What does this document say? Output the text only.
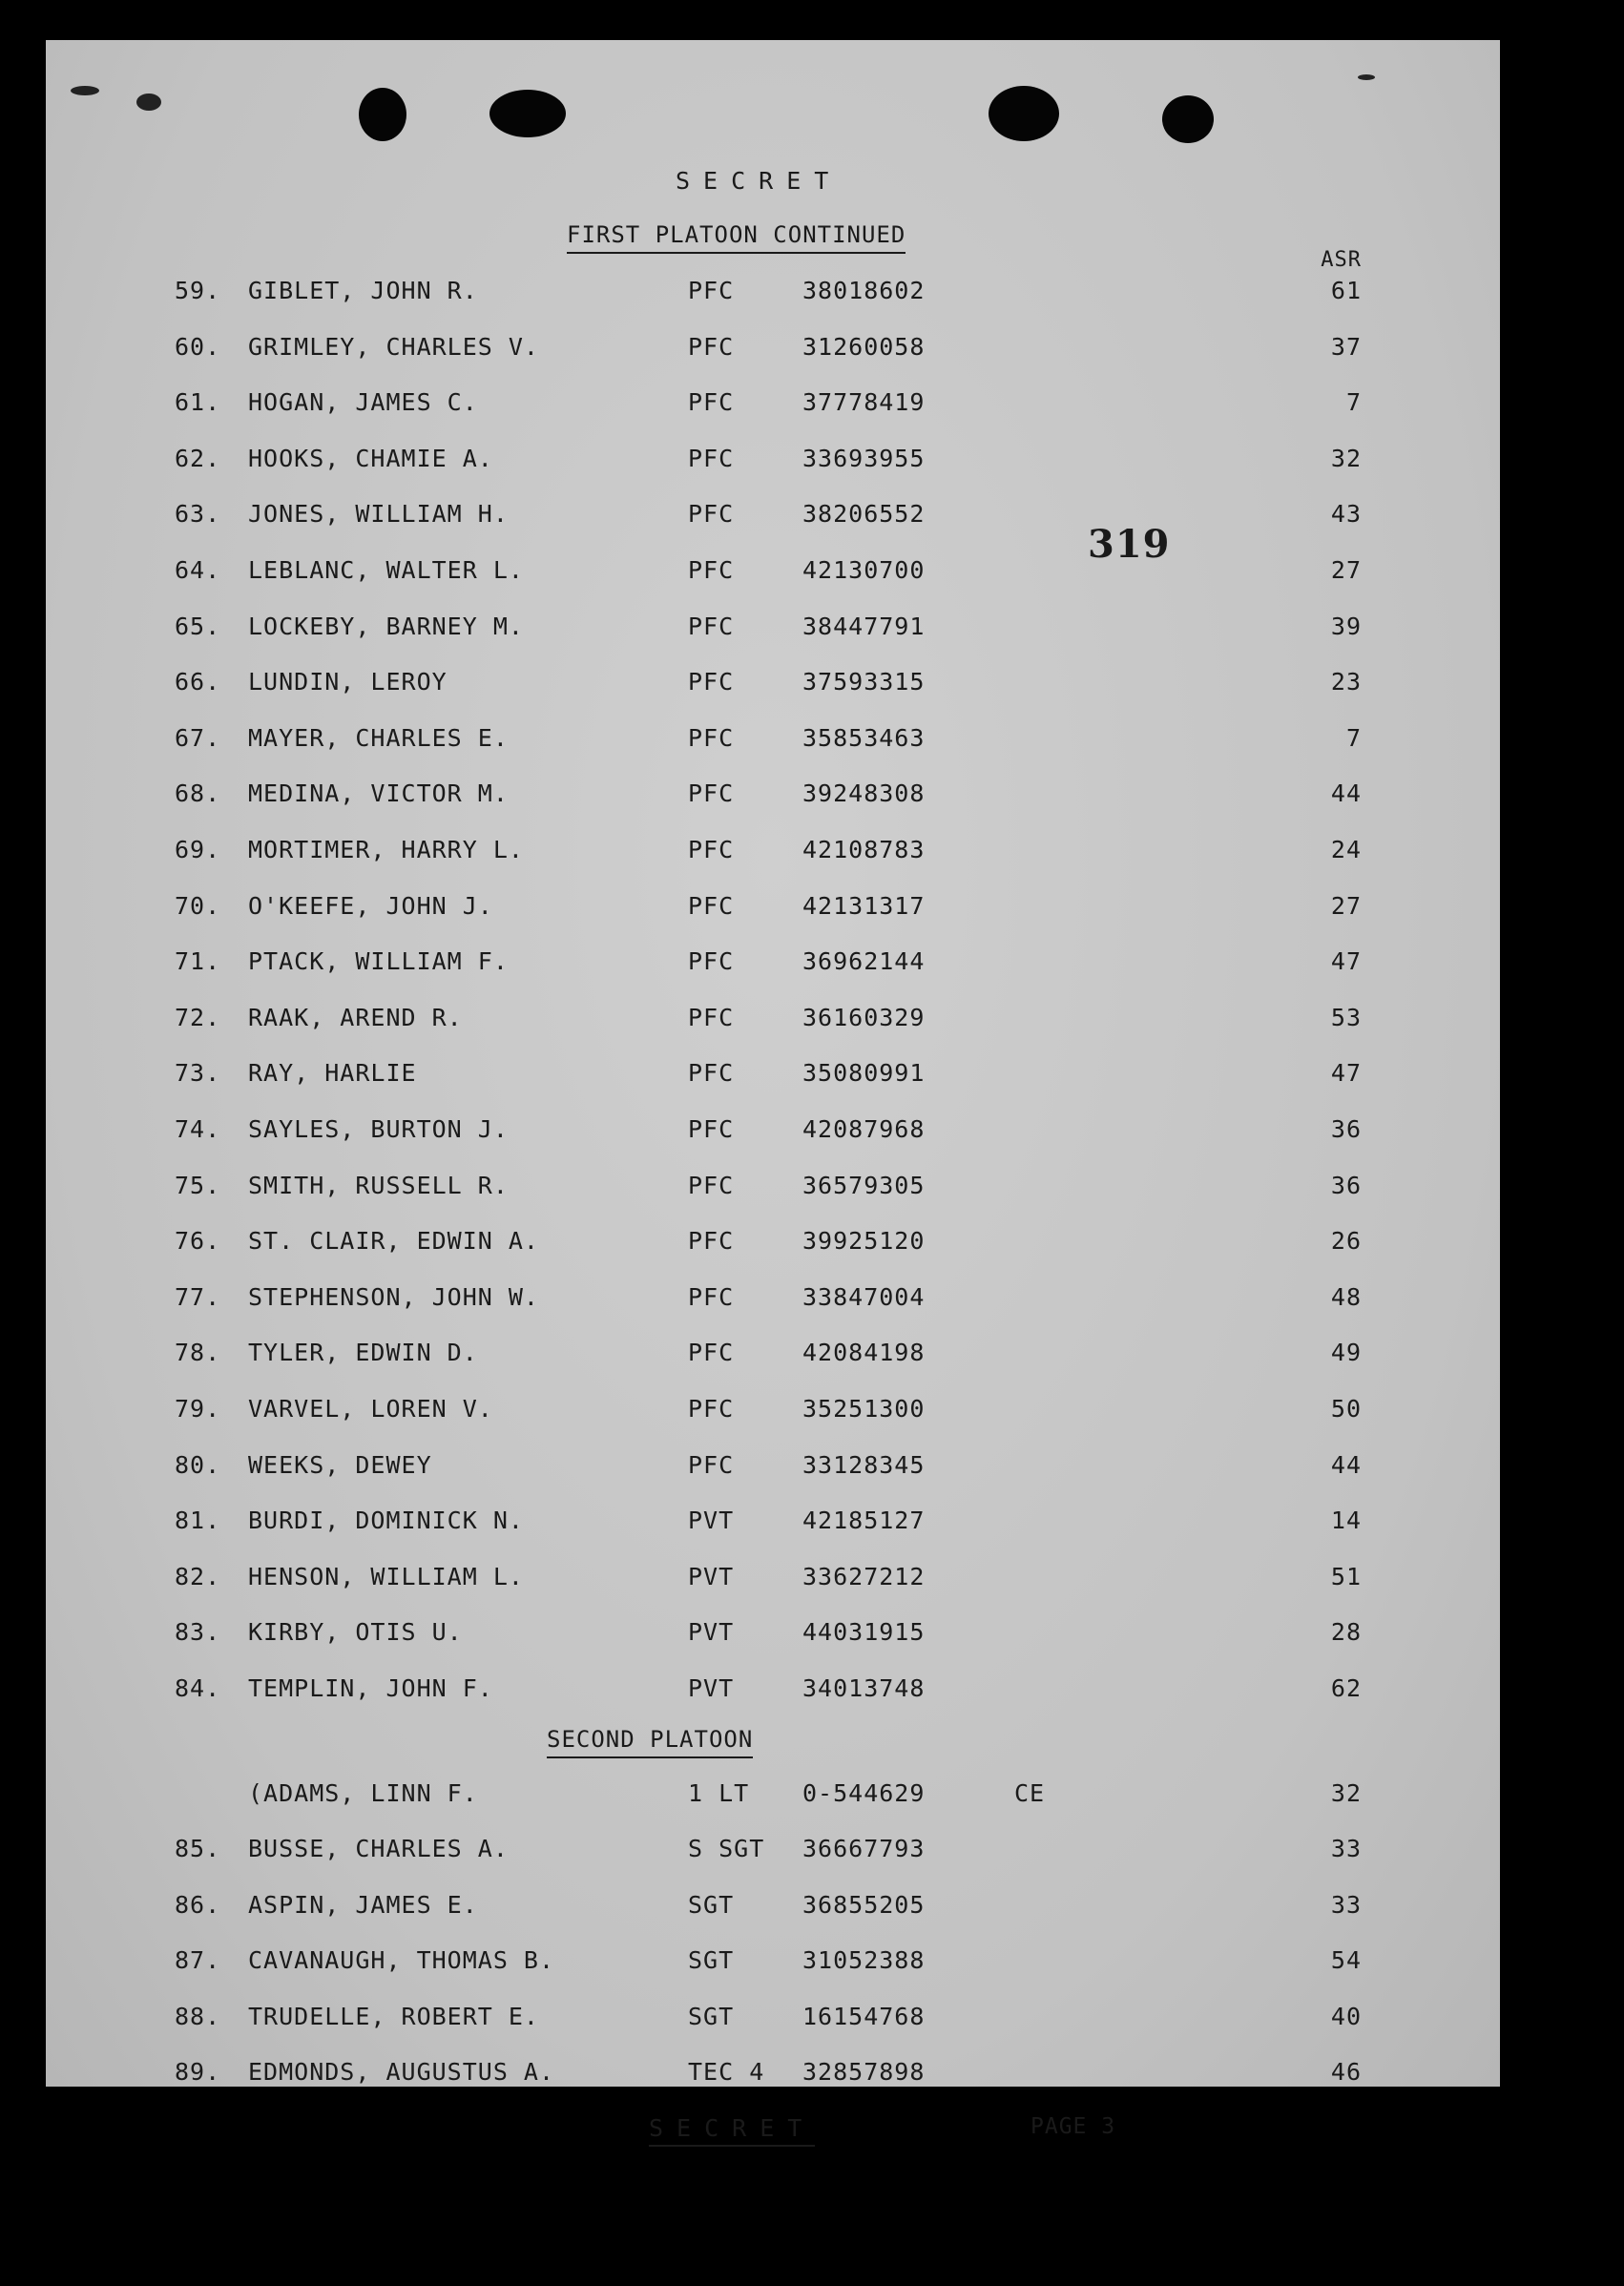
SECRET
FIRST PLATOON CONTINUED
ASR
319
59. GIBLET, JOHN R.	PFC	38018602	61
60. GRIMLEY, CHARLES V.	PFC	31260058	37
61. HOGAN, JAMES C.	PFC	37778419	7
62. HOOKS, CHAMIE A.	PFC	33693955	32
63. JONES, WILLIAM H.	PFC	38206552	43
64. LEBLANC, WALTER L.	PFC	42130700	27
65. LOCKEBY, BARNEY M.	PFC	38447791	39
66. LUNDIN, LEROY	PFC	37593315	23
67. MAYER, CHARLES E.	PFC	35853463	7
68. MEDINA, VICTOR M.	PFC	39248308	44
69. MORTIMER, HARRY L.	PFC	42108783	24
70. O'KEEFE, JOHN J.	PFC	42131317	27
71. PTACK, WILLIAM F.	PFC	36962144	47
72. RAAK, AREND R.	PFC	36160329	53
73. RAY, HARLIE	PFC	35080991	47
74. SAYLES, BURTON J.	PFC	42087968	36
75. SMITH, RUSSELL R.	PFC	36579305	36
76. ST. CLAIR, EDWIN A.	PFC	39925120	26
77. STEPHENSON, JOHN W.	PFC	33847004	48
78. TYLER, EDWIN D.	PFC	42084198	49
79. VARVEL, LOREN V.	PFC	35251300	50
80. WEEKS, DEWEY	PFC	33128345	44
81. BURDI, DOMINICK N.	PVT	42185127	14
82. HENSON, WILLIAM L.	PVT	33627212	51
83. KIRBY, OTIS U.	PVT	44031915	28
84. TEMPLIN, JOHN F.	PVT	34013748	62
SECOND PLATOON
(ADAMS, LINN F.	1 LT 0-544629	CE	32
85. BUSSE, CHARLES A.	S SGT 36667793	33
86. ASPIN, JAMES E.	SGT	36855205	33
87. CAVANAUGH, THOMAS B.	SGT	31052388	54
88. TRUDELLE, ROBERT E.	SGT	16154768	40
89. EDMONDS, AUGUSTUS A.	TEC 4 32857898	46
SECRET	PAGE 3
